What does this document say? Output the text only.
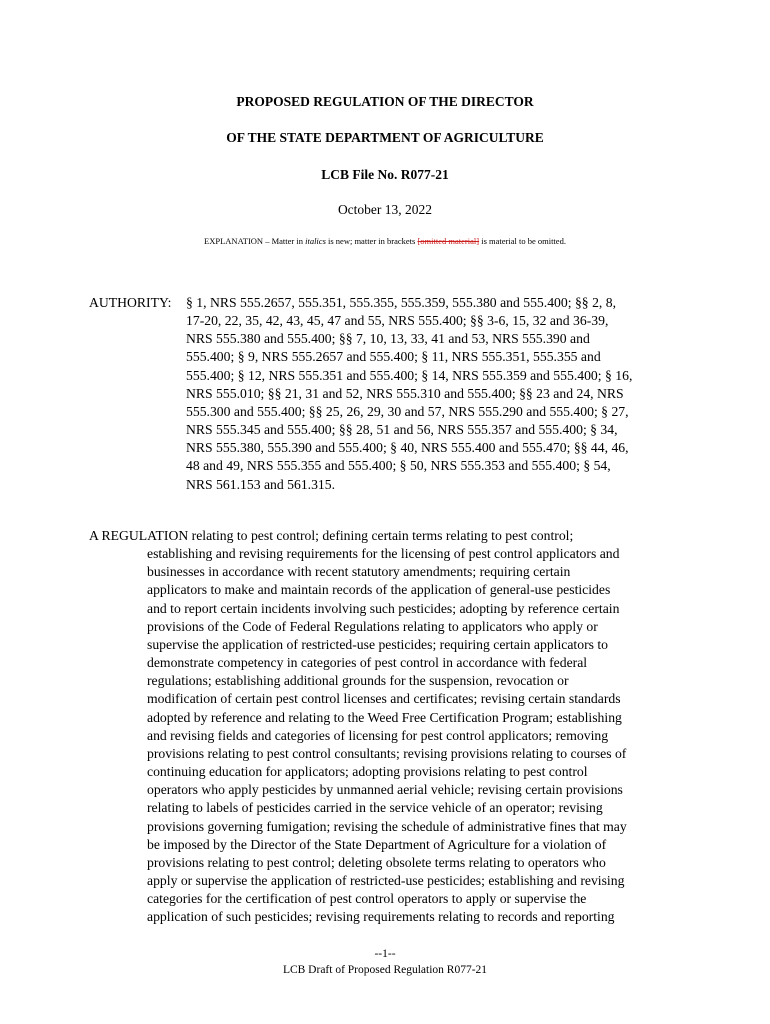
PROPOSED REGULATION OF THE DIRECTOR
OF THE STATE DEPARTMENT OF AGRICULTURE
LCB File No. R077-21
October 13, 2022
EXPLANATION – Matter in italics is new; matter in brackets [omitted material] is material to be omitted.
AUTHORITY: § 1, NRS 555.2657, 555.351, 555.355, 555.359, 555.380 and 555.400; §§ 2, 8,
17-20, 22, 35, 42, 43, 45, 47 and 55, NRS 555.400; §§ 3-6, 15, 32 and 36-39,
NRS 555.380 and 555.400; §§ 7, 10, 13, 33, 41 and 53, NRS 555.390 and
555.400; § 9, NRS 555.2657 and 555.400; § 11, NRS 555.351, 555.355 and
555.400; § 12, NRS 555.351 and 555.400; § 14, NRS 555.359 and 555.400; § 16,
NRS 555.010; §§ 21, 31 and 52, NRS 555.310 and 555.400; §§ 23 and 24, NRS
555.300 and 555.400; §§ 25, 26, 29, 30 and 57, NRS 555.290 and 555.400; § 27,
NRS 555.345 and 555.400; §§ 28, 51 and 56, NRS 555.357 and 555.400; § 34,
NRS 555.380, 555.390 and 555.400; § 40, NRS 555.400 and 555.470; §§ 44, 46,
48 and 49, NRS 555.355 and 555.400; § 50, NRS 555.353 and 555.400; § 54,
NRS 561.153 and 561.315.
A REGULATION relating to pest control; defining certain terms relating to pest control;
establishing and revising requirements for the licensing of pest control applicators and
businesses in accordance with recent statutory amendments; requiring certain
applicators to make and maintain records of the application of general-use pesticides
and to report certain incidents involving such pesticides; adopting by reference certain
provisions of the Code of Federal Regulations relating to applicators who apply or
supervise the application of restricted-use pesticides; requiring certain applicators to
demonstrate competency in categories of pest control in accordance with federal
regulations; establishing additional grounds for the suspension, revocation or
modification of certain pest control licenses and certificates; revising certain standards
adopted by reference and relating to the Weed Free Certification Program; establishing
and revising fields and categories of licensing for pest control applicators; removing
provisions relating to pest control consultants; revising provisions relating to courses of
continuing education for applicators; adopting provisions relating to pest control
operators who apply pesticides by unmanned aerial vehicle; revising certain provisions
relating to labels of pesticides carried in the service vehicle of an operator; revising
provisions governing fumigation; revising the schedule of administrative fines that may
be imposed by the Director of the State Department of Agriculture for a violation of
provisions relating to pest control; deleting obsolete terms relating to operators who
apply or supervise the application of restricted-use pesticides; establishing and revising
categories for the certification of pest control operators to apply or supervise the
application of such pesticides; revising requirements relating to records and reporting
--1--
LCB Draft of Proposed Regulation R077-21
